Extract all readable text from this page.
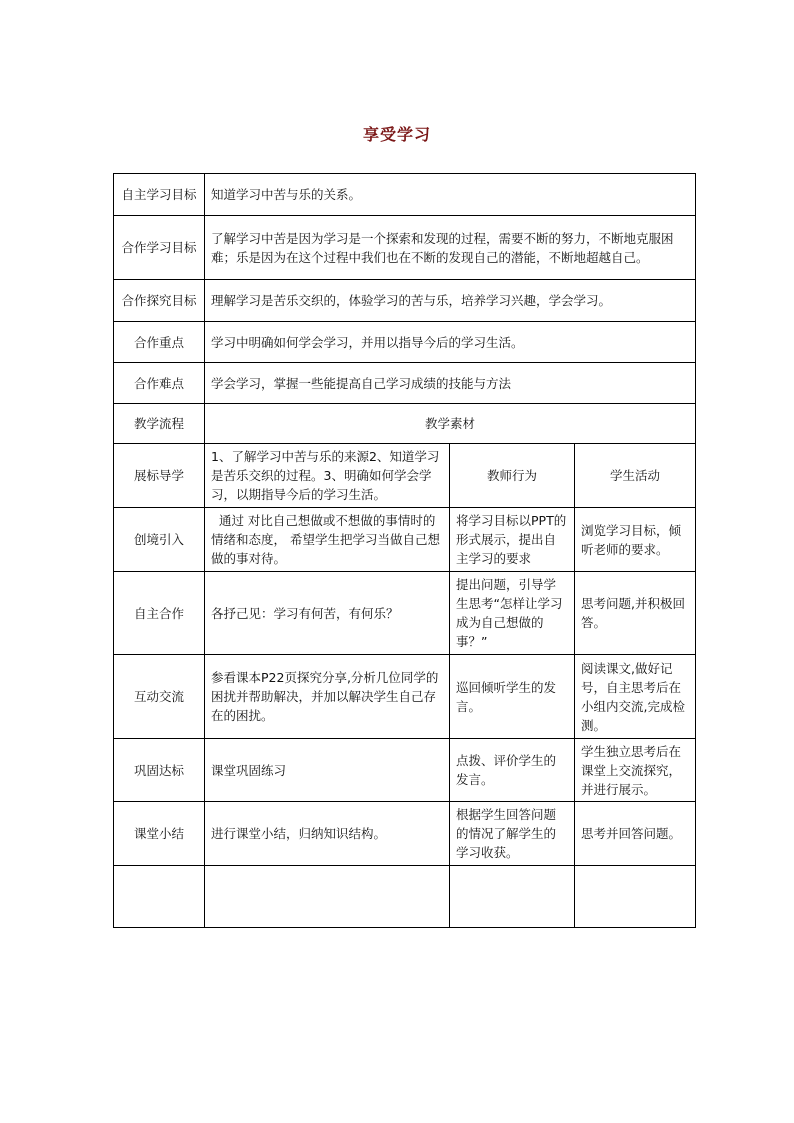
享受学习
自主学习目标	知道学习中苦与乐的关系。		
合作学习目标	了解学习中苦是因为学习是一个探索和发现的过程，需要不断的努力，不断地克服困难；乐是因为在这个过程中我们也在不断的发现自己的潜能，不断地超越自己。		
合作探究目标	理解学习是苦乐交织的，体验学习的苦与乐，培养学习兴趣，学会学习。		
合作重点	学习中明确如何学会学习，并用以指导今后的学习生活。		
合作难点	学会学习，掌握一些能提高自己学习成绩的技能与方法		
教学流程	教学素材		
展标导学	1、了解学习中苦与乐的来源2、知道学习是苦乐交织的过程。3、明确如何学会学习，以期指导今后的学习生活。	教师行为	学生活动
创境引入	通过 对比自己想做或不想做的事情时的情绪和态度， 希望学生把学习当做自己想做的事对待。	将学习目标以PPT的形式展示，提出自主学习的要求	浏览学习目标，倾听老师的要求。
自主合作	各抒己见：学习有何苦，有何乐？	提出问题，引导学生思考“怎样让学习成为自己想做的事？”	思考问题,并积极回答。
互动交流	参看课本P22页探究分享,分析几位同学的困扰并帮助解决，并加以解决学生自己存在的困扰。	巡回倾听学生的发言。	阅读课文,做好记号，自主思考后在小组内交流,完成检测。
巩固达标	课堂巩固练习	点拨、评价学生的发言。	学生独立思考后在课堂上交流探究，并进行展示。
课堂小结	进行课堂小结，归纳知识结构。	根据学生回答问题的情况了解学生的学习收获。	思考并回答问题。
